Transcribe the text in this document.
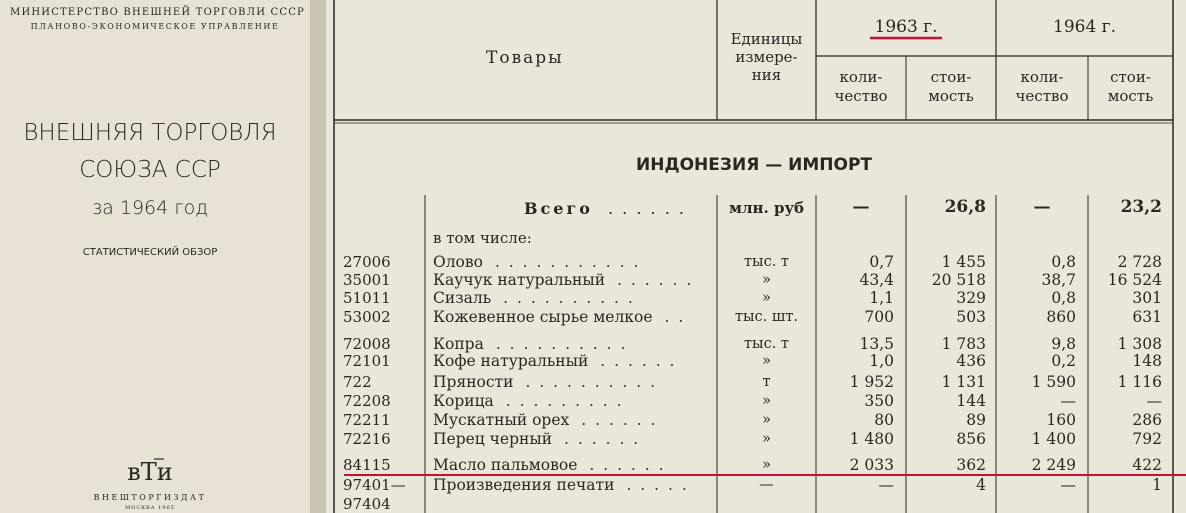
МИНИСТЕРСТВО ВНЕШНЕЙ ТОРГОВЛИ СССР
ПЛАНОВО-ЭКОНОМИЧЕСКОЕ УПРАВЛЕНИЕ
ВНЕШНЯЯ ТОРГОВЛЯ
СОЮЗА ССР
за 1964 год
СТАТИСТИЧЕСКИЙ ОБЗОР
вТи
ВНЕШТОРГИЗДАТ
МОСКВА 1965
Товары
Единицы
измере-
ния
1963 г.	1964 г.
коли-
чество
стои-
мость
коли-
чество
стои-
мость
ИНДОНЕЗИЯ — ИМПОРТ
Всего . . . . . .	млн. руб	—	26,8	—	23,2
в том числе:
27006	Олово . . . . . . . . . . .	тыс. т	0,7	1 455	0,8	2 728
35001	Каучук натуральный . . . . . .	»	43,4	20 518	38,7	16 524
51011	Сизаль . . . . . . . . . .	»	1,1	329	0,8	301
53002	Кожевенное сырье мелкое . .	тыс. шт.	700	503	860	631
72008	Копра . . . . . . . . . .	тыс. т	13,5	1 783	9,8	1 308
72101	Кофе натуральный . . . . . .	»	1,0	436	0,2	148
722	Пряности . . . . . . . . . .	т	1 952	1 131	1 590	1 116
72208	Корица . . . . . . . . .	»	350	144	—	—
72211	Мускатный орех . . . . . .	»	80	89	160	286
72216	Перец черный . . . . . .	»	1 480	856	1 400	792
84115	Масло пальмовое . . . . . .	»	2 033	362	2 249	422
97401— Произведения печати . . . . .	—	—	4	—	1
97404
